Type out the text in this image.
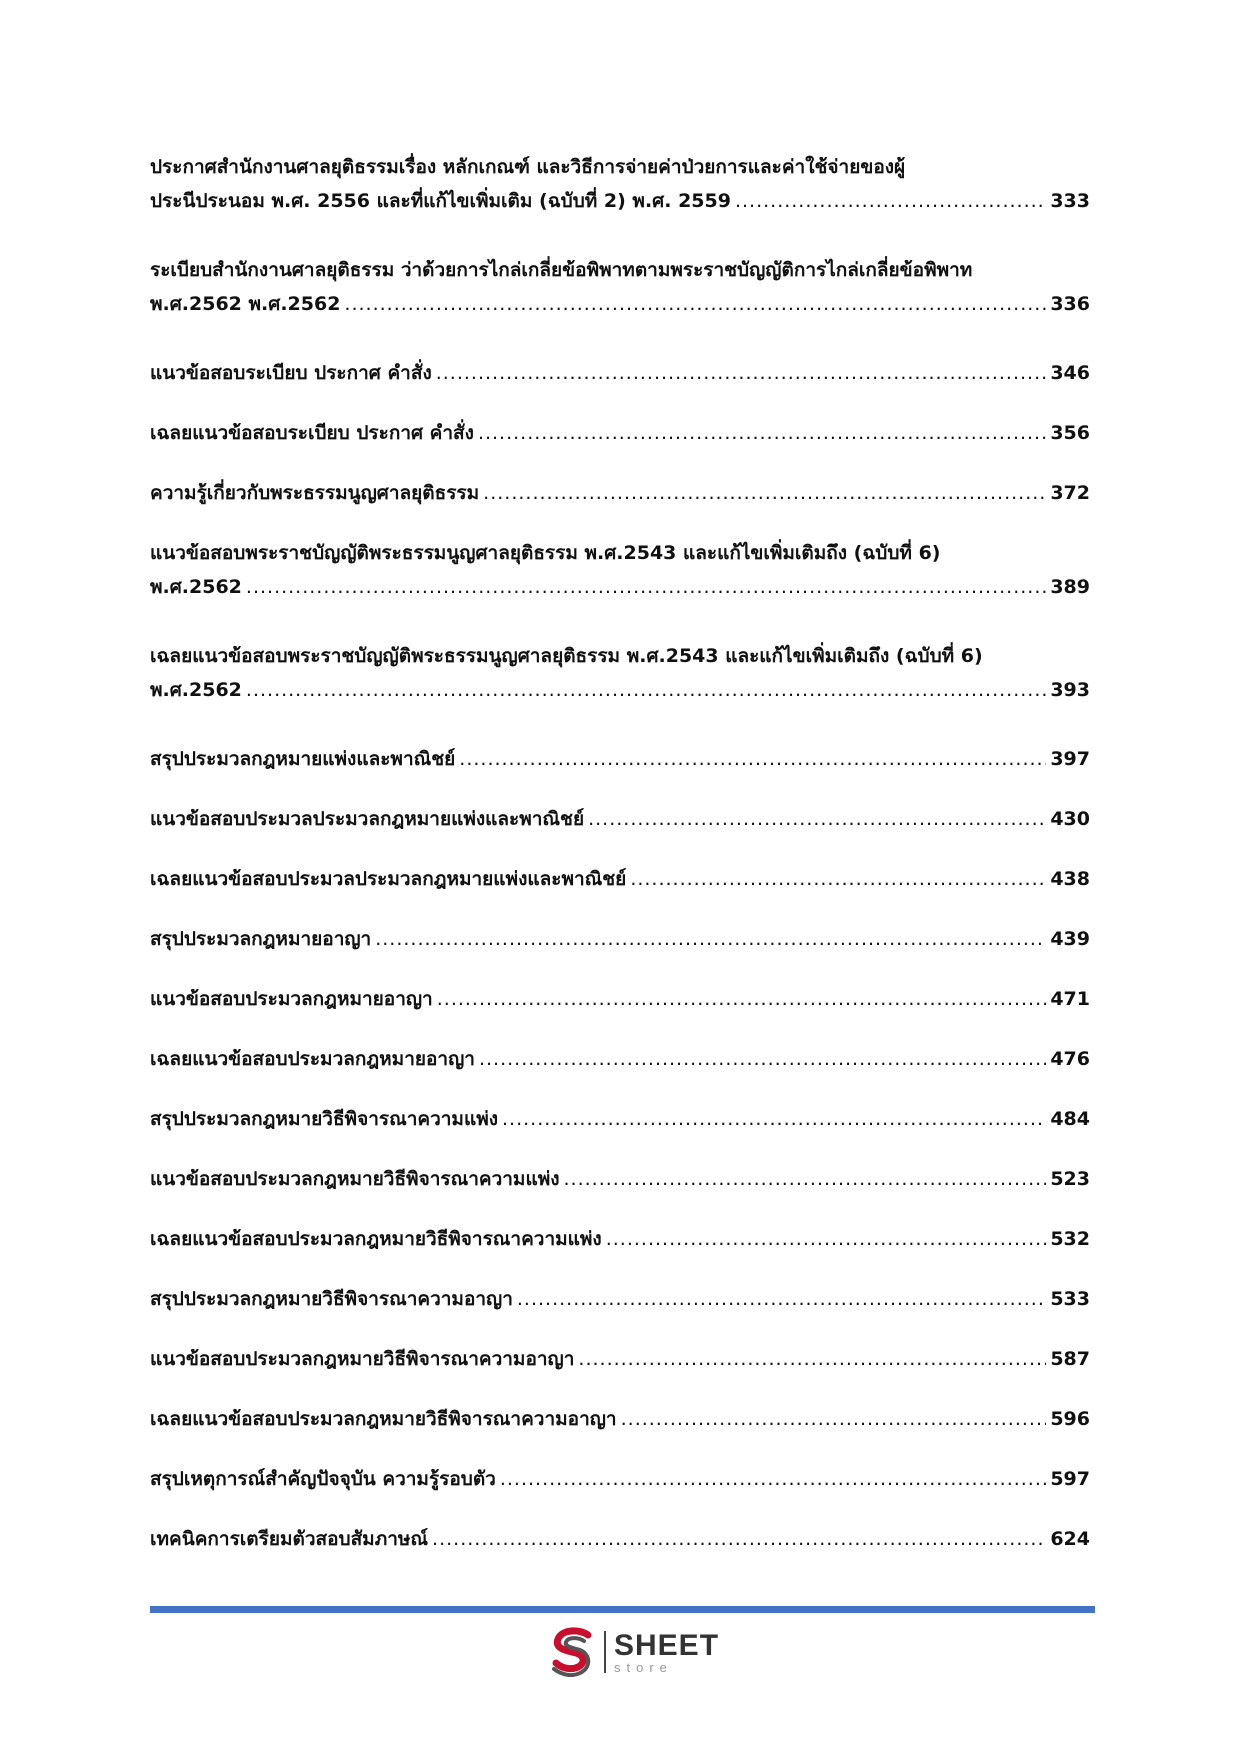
ประกาศสำนักงานศาลยุติธรรมเรื่อง หลักเกณฑ์ และวิธีการจ่ายค่าป่วยการและค่าใช้จ่ายของผู้
ประนีประนอม พ.ศ. 2556 และที่แก้ไขเพิ่มเติม (ฉบับที่ 2) พ.ศ. 2559 .....	333
ระเบียบสำนักงานศาลยุติธรรม ว่าด้วยการไกล่เกลี่ยข้อพิพาทตามพระราชบัญญัติการไกล่เกลี่ยข้อพิพาท
พ.ศ.2562 พ.ศ.2562 .....	336
แนวข้อสอบระเบียบ ประกาศ คำสั่ง .....	346
เฉลยแนวข้อสอบระเบียบ ประกาศ คำสั่ง .....	356
ความรู้เกี่ยวกับพระธรรมนูญศาลยุติธรรม .....	372
แนวข้อสอบพระราชบัญญัติพระธรรมนูญศาลยุติธรรม พ.ศ.2543 และแก้ไขเพิ่มเติมถึง (ฉบับที่ 6)
พ.ศ.2562 .....	389
เฉลยแนวข้อสอบพระราชบัญญัติพระธรรมนูญศาลยุติธรรม พ.ศ.2543 และแก้ไขเพิ่มเติมถึง (ฉบับที่ 6)
พ.ศ.2562 .....	393
สรุปประมวลกฎหมายแพ่งและพาณิชย์ .....	397
แนวข้อสอบประมวลประมวลกฎหมายแพ่งและพาณิชย์ .....	430
เฉลยแนวข้อสอบประมวลประมวลกฎหมายแพ่งและพาณิชย์ .....	438
สรุปประมวลกฎหมายอาญา .....	439
แนวข้อสอบประมวลกฎหมายอาญา .....	471
เฉลยแนวข้อสอบประมวลกฎหมายอาญา .....	476
สรุปประมวลกฎหมายวิธีพิจารณาความแพ่ง .....	484
แนวข้อสอบประมวลกฎหมายวิธีพิจารณาความแพ่ง .....	523
เฉลยแนวข้อสอบประมวลกฎหมายวิธีพิจารณาความแพ่ง .....	532
สรุปประมวลกฎหมายวิธีพิจารณาความอาญา .....	533
แนวข้อสอบประมวลกฎหมายวิธีพิจารณาความอาญา .....	587
เฉลยแนวข้อสอบประมวลกฎหมายวิธีพิจารณาความอาญา .....	596
สรุปเหตุการณ์สำคัญปัจจุบัน ความรู้รอบตัว .....	597
เทคนิคการเตรียมตัวสอบสัมภาษณ์ .....	624
SHEET
store
